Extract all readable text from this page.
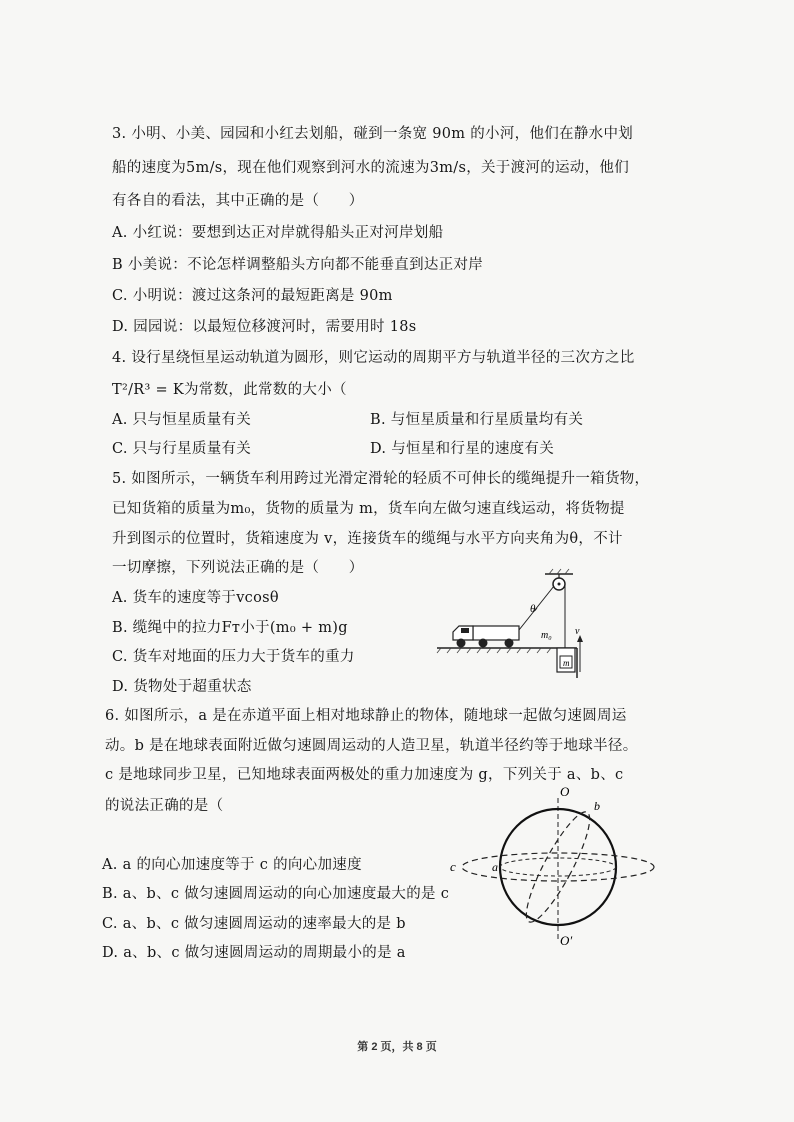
3. 小明、小美、园园和小红去划船，碰到一条宽 90m 的小河，他们在静水中划
船的速度为5m/s，现在他们观察到河水的流速为3m/s，关于渡河的运动，他们
有各自的看法，其中正确的是（　　）
A. 小红说：要想到达正对岸就得船头正对河岸划船
B 小美说：不论怎样调整船头方向都不能垂直到达正对岸
C. 小明说：渡过这条河的最短距离是 90m
D. 园园说：以最短位移渡河时，需要用时 18s
4. 设行星绕恒星运动轨道为圆形，则它运动的周期平方与轨道半径的三次方之比
T²/R³ = K为常数，此常数的大小（
A. 只与恒星质量有关	B. 与恒星质量和行星质量均有关
C. 只与行星质量有关	D. 与恒星和行星的速度有关
5. 如图所示，一辆货车利用跨过光滑定滑轮的轻质不可伸长的缆绳提升一箱货物，
已知货箱的质量为m₀，货物的质量为 m，货车向左做匀速直线运动，将货物提
升到图示的位置时，货箱速度为 v，连接货车的缆绳与水平方向夹角为θ，不计
一切摩擦，下列说法正确的是（　　）
A. 货车的速度等于vcosθ
B. 缆绳中的拉力Fᴛ小于(m₀ + m)g
C. 货车对地面的压力大于货车的重力
D. 货物处于超重状态
θ
m₀
m
v
6. 如图所示，a 是在赤道平面上相对地球静止的物体，随地球一起做匀速圆周运
动。b 是在地球表面附近做匀速圆周运动的人造卫星，轨道半径约等于地球半径。
c 是地球同步卫星，已知地球表面两极处的重力加速度为 g，下列关于 a、b、c
的说法正确的是（
A. a 的向心加速度等于 c 的向心加速度
B. a、b、c 做匀速圆周运动的向心加速度最大的是 c
C. a、b、c 做匀速圆周运动的速率最大的是 b
D. a、b、c 做匀速圆周运动的周期最小的是 a
O
O′
c	a
b
第 2 页，共 8 页
